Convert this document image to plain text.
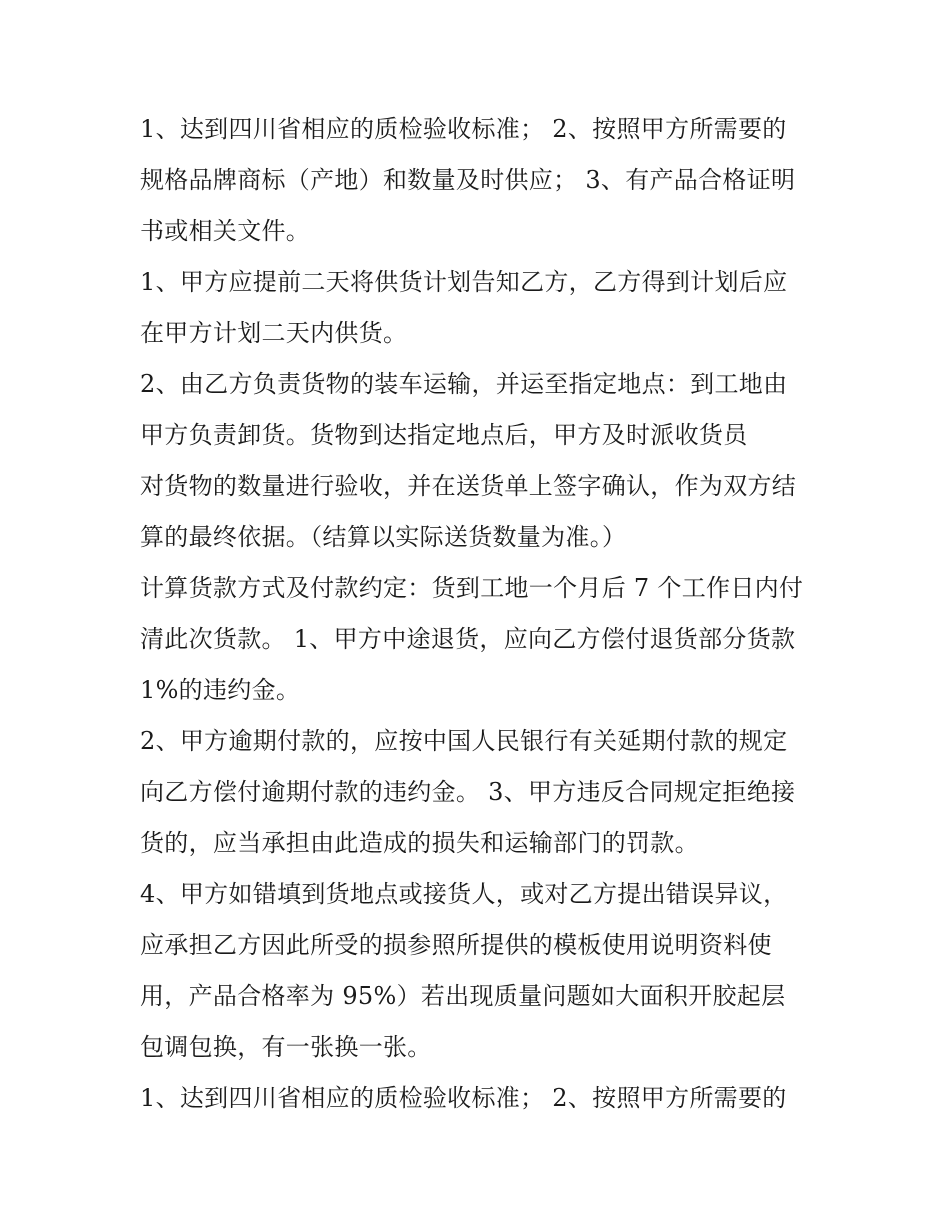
1、达到四川省相应的质检验收标准； 2、按照甲方所需要的
规格品牌商标（产地）和数量及时供应； 3、有产品合格证明
书或相关文件。
1、甲方应提前二天将供货计划告知乙方，乙方得到计划后应
在甲方计划二天内供货。
2、由乙方负责货物的装车运输，并运至指定地点：到工地由
甲方负责卸货。货物到达指定地点后，甲方及时派收货员
对货物的数量进行验收，并在送货单上签字确认，作为双方结
算的最终依据。（结算以实际送货数量为准。）
计算货款方式及付款约定：货到工地一个月后 7 个工作日内付
清此次货款。 1、甲方中途退货，应向乙方偿付退货部分货款
1%的违约金。
2、甲方逾期付款的，应按中国人民银行有关延期付款的规定
向乙方偿付逾期付款的违约金。 3、甲方违反合同规定拒绝接
货的，应当承担由此造成的损失和运输部门的罚款。
4、甲方如错填到货地点或接货人，或对乙方提出错误异议，
应承担乙方因此所受的损参照所提供的模板使用说明资料使
用，产品合格率为 95%）若出现质量问题如大面积开胶起层
包调包换，有一张换一张。
1、达到四川省相应的质检验收标准； 2、按照甲方所需要的
